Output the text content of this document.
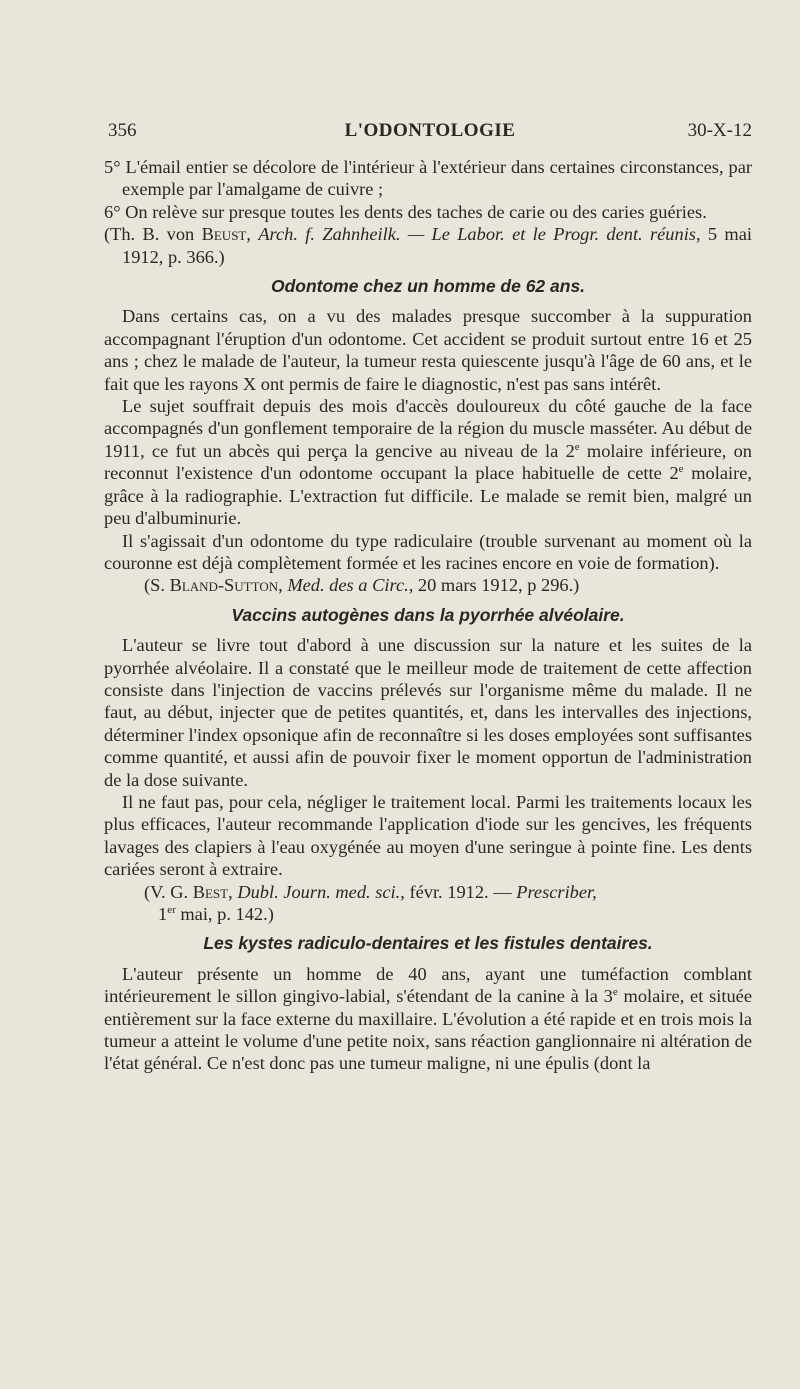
356	L'ODONTOLOGIE	30-X-12

5° L'émail entier se décolore de l'intérieur à l'extérieur dans certaines circonstances, par exemple par l'amalgame de cuivre ;

6° On relève sur presque toutes les dents des taches de carie ou des caries guéries.

(Th. B. von Beust, Arch. f. Zahnheilk. — Le Labor. et le Progr. dent. réunis, 5 mai 1912, p. 366.)

Odontome chez un homme de 62 ans.

Dans certains cas, on a vu des malades presque succomber à la suppuration accompagnant l'éruption d'un odontome. Cet accident se produit surtout entre 16 et 25 ans ; chez le malade de l'auteur, la tumeur resta quiescente jusqu'à l'âge de 60 ans, et le fait que les rayons X ont permis de faire le diagnostic, n'est pas sans intérêt.

Le sujet souffrait depuis des mois d'accès douloureux du côté gauche de la face accompagnés d'un gonflement temporaire de la région du muscle masséter. Au début de 1911, ce fut un abcès qui perça la gencive au niveau de la 2e molaire inférieure, on reconnut l'existence d'un odontome occupant la place habituelle de cette 2e molaire, grâce à la radiographie. L'extraction fut difficile. Le malade se remit bien, malgré un peu d'albuminurie.

Il s'agissait d'un odontome du type radiculaire (trouble survenant au moment où la couronne est déjà complètement formée et les racines encore en voie de formation).

(S. Bland-Sutton, Med. des a Circ., 20 mars 1912, p 296.)

Vaccins autogènes dans la pyorrhée alvéolaire.

L'auteur se livre tout d'abord à une discussion sur la nature et les suites de la pyorrhée alvéolaire. Il a constaté que le meilleur mode de traitement de cette affection consiste dans l'injection de vaccins prélevés sur l'organisme même du malade. Il ne faut, au début, injecter que de petites quantités, et, dans les intervalles des injections, déterminer l'index opsonique afin de reconnaître si les doses employées sont suffisantes comme quantité, et aussi afin de pouvoir fixer le moment opportun de l'administration de la dose suivante.

Il ne faut pas, pour cela, négliger le traitement local. Parmi les traitements locaux les plus efficaces, l'auteur recommande l'application d'iode sur les gencives, les fréquents lavages des clapiers à l'eau oxygénée au moyen d'une seringue à pointe fine. Les dents cariées seront à extraire.

(V. G. Best, Dubl. Journ. med. sci., févr. 1912. — Prescriber,
1er mai, p. 142.)

Les kystes radiculo-dentaires et les fistules dentaires.

L'auteur présente un homme de 40 ans, ayant une tuméfaction comblant intérieurement le sillon gingivo-labial, s'étendant de la canine à la 3e molaire, et située entièrement sur la face externe du maxillaire. L'évolution a été rapide et en trois mois la tumeur a atteint le volume d'une petite noix, sans réaction ganglionnaire ni altération de l'état général. Ce n'est donc pas une tumeur maligne, ni une épulis (dont la
